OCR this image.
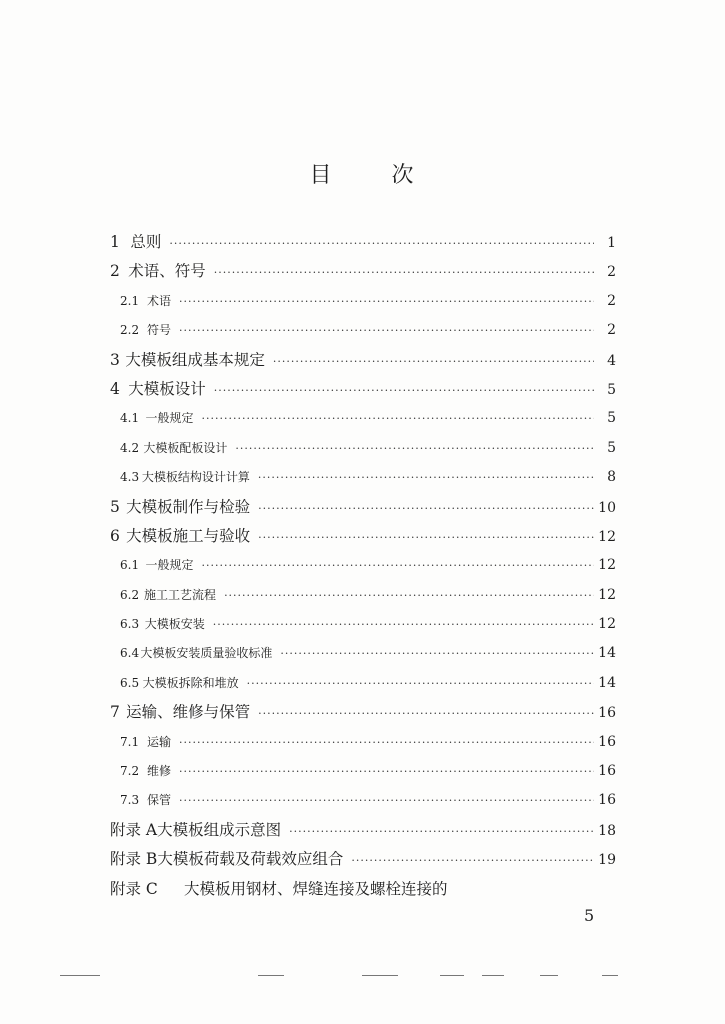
目	次
1 总则 ·····	1
2 术语、符号 ·····	2
2.1 术语 ·····	2
2.2 符号 ·····	2
3 大模板组成基本规定 ·····	4
4 大模板设计 ·····	5
4.1 一般规定 ·····	5
4.2 大模板配板设计 ·····	5
4.3 大模板结构设计计算 ·····	8
5 大模板制作与检验 ·····	10
6 大模板施工与验收 ·····	12
6.1 一般规定 ·····	12
6.2 施工工艺流程 ·····	12
6.3 大模板安装 ·····	12
6.4 大模板安装质量验收标准 ·····	14
6.5 大模板拆除和堆放 ·····	14
7 运输、维修与保管 ·····	16
7.1 运输 ·····	16
7.2 维修 ·····	16
7.3 保管 ·····	16
附录 A 大模板组成示意图 ·····	18
附录 B 大模板荷载及荷载效应组合 ·····	19
附录 C	大模板用钢材、焊缝连接及螺栓连接的
5
